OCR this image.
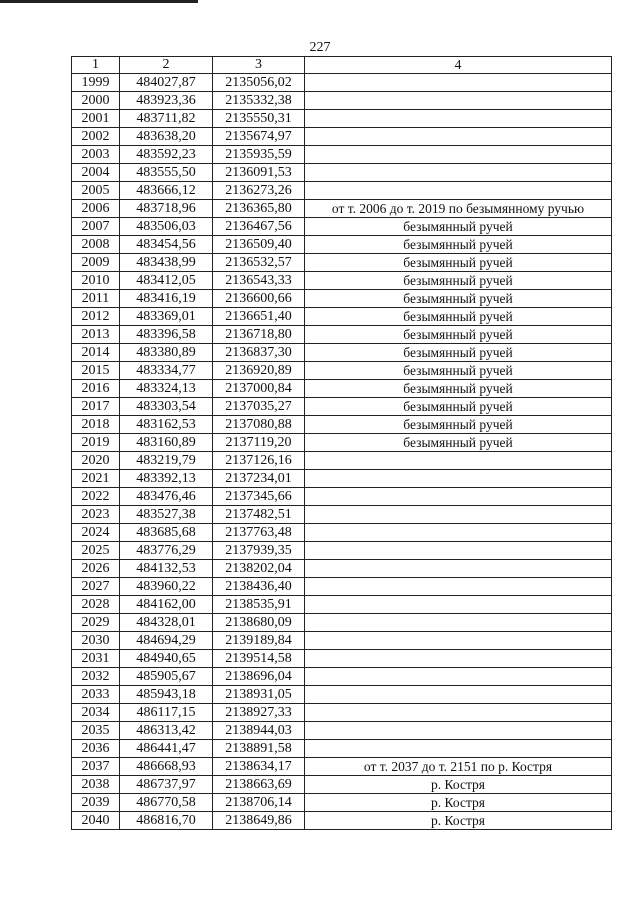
227
1	2	3	4
1999	484027,87	2135056,02	
2000	483923,36	2135332,38	
2001	483711,82	2135550,31	
2002	483638,20	2135674,97	
2003	483592,23	2135935,59	
2004	483555,50	2136091,53	
2005	483666,12	2136273,26	
2006	483718,96	2136365,80	от т. 2006 до т. 2019 по безымянному ручью
2007	483506,03	2136467,56	безымянный ручей
2008	483454,56	2136509,40	безымянный ручей
2009	483438,99	2136532,57	безымянный ручей
2010	483412,05	2136543,33	безымянный ручей
2011	483416,19	2136600,66	безымянный ручей
2012	483369,01	2136651,40	безымянный ручей
2013	483396,58	2136718,80	безымянный ручей
2014	483380,89	2136837,30	безымянный ручей
2015	483334,77	2136920,89	безымянный ручей
2016	483324,13	2137000,84	безымянный ручей
2017	483303,54	2137035,27	безымянный ручей
2018	483162,53	2137080,88	безымянный ручей
2019	483160,89	2137119,20	безымянный ручей
2020	483219,79	2137126,16	
2021	483392,13	2137234,01	
2022	483476,46	2137345,66	
2023	483527,38	2137482,51	
2024	483685,68	2137763,48	
2025	483776,29	2137939,35	
2026	484132,53	2138202,04	
2027	483960,22	2138436,40	
2028	484162,00	2138535,91	
2029	484328,01	2138680,09	
2030	484694,29	2139189,84	
2031	484940,65	2139514,58	
2032	485905,67	2138696,04	
2033	485943,18	2138931,05	
2034	486117,15	2138927,33	
2035	486313,42	2138944,03	
2036	486441,47	2138891,58	
2037	486668,93	2138634,17	от т. 2037 до т. 2151 по р. Костря
2038	486737,97	2138663,69	р. Костря
2039	486770,58	2138706,14	р. Костря
2040	486816,70	2138649,86	р. Костря
